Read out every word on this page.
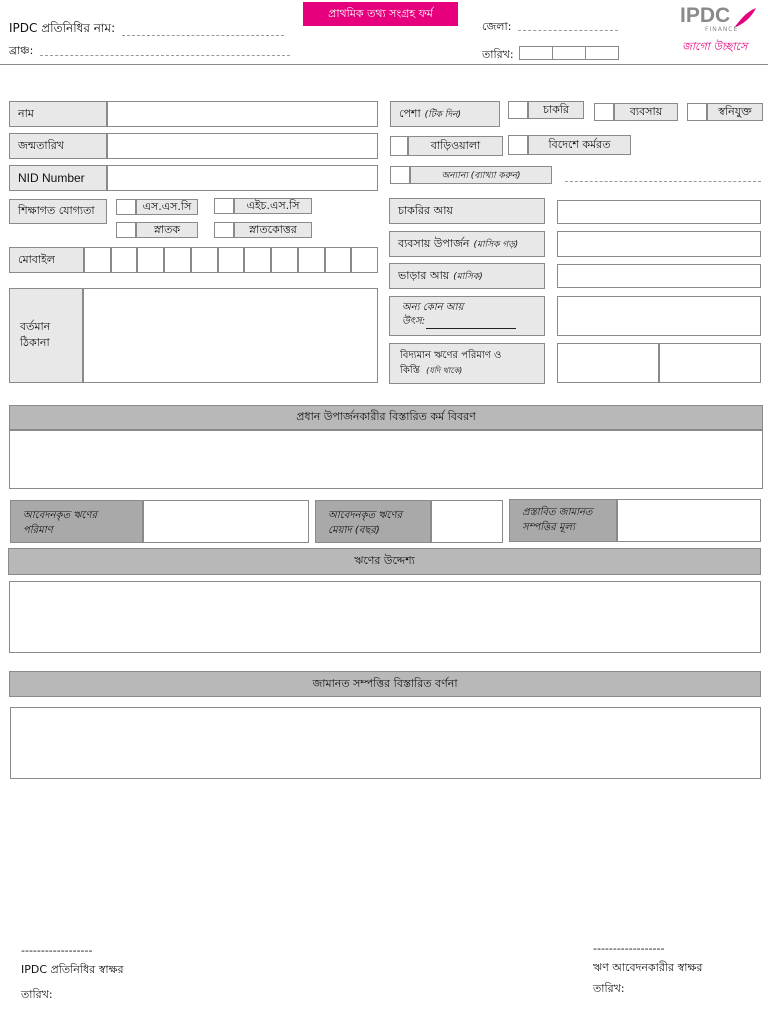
IPDC প্রতিনিধির নাম:
ব্রাঞ্চ:
প্রাথমিক তথ্য সংগ্রহ ফর্ম
জেলা:
তারিখ:
IPDC
FINANCE
জাগো উচ্ছাসে
নাম
জন্মতারিখ
NID Number
শিক্ষাগত যোগ্যতা	এস.এস.সি	এইচ.এস.সি
স্নাতক	স্নাতকোত্তর
মোবাইল
বর্তমান
ঠিকানা
পেশা (টিক দিন)	চাকরি	ব্যবসায়	স্বনিযুক্ত
বাড়িওয়ালা	বিদেশে কর্মরত
অন্যান্য (ব্যাখ্যা করুন)
চাকরির আয়
ব্যবসায় উপার্জন (মাসিক গড়)
ভাড়ার আয় (মাসিক)
অন্য কোন আয়
উৎস:
বিদ্যমান ঋণের পরিমাণ ও
কিস্তি (যদি থাকে)
প্রধান উপার্জনকারীর বিস্তারিত কর্ম বিবরণ
আবেদনকৃত ঋণের
পরিমাণ
আবেদনকৃত ঋণের
মেয়াদ (বছর)
প্রস্তাবিত জামানত
সম্পত্তির মূল্য
ঋণের উদ্দেশ্য
জামানত সম্পত্তির বিস্তারিত বর্ণনা
------------------
IPDC প্রতিনিধির স্বাক্ষর
তারিখ:
------------------
ঋণ আবেদনকারীর স্বাক্ষর
তারিখ:
